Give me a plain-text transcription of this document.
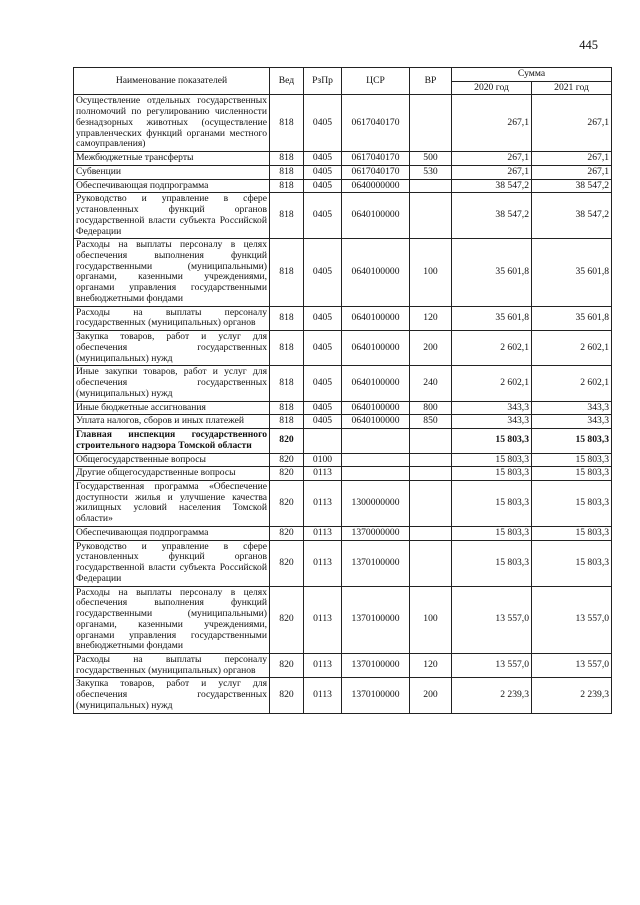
445
Наименование показателей	Вед	РзПр	ЦСР	ВР	Сумма	
					2020 год	2021 год
Осуществление отдельных государственных полномочий по регулированию численности безнадзорных животных (осуществление управленческих функций органами местного самоуправления)	818	0405	0617040170		267,1	267,1
Межбюджетные трансферты	818	0405	0617040170	500	267,1	267,1
Субвенции	818	0405	0617040170	530	267,1	267,1
Обеспечивающая подпрограмма	818	0405	0640000000		38 547,2	38 547,2
Руководство и управление в сфере установленных функций органов государственной власти субъекта Российской Федерации	818	0405	0640100000		38 547,2	38 547,2
Расходы на выплаты персоналу в целях обеспечения выполнения функций государственными (муниципальными) органами, казенными учреждениями, органами управления государственными внебюджетными фондами	818	0405	0640100000	100	35 601,8	35 601,8
Расходы на выплаты персоналу государственных (муниципальных) органов	818	0405	0640100000	120	35 601,8	35 601,8
Закупка товаров, работ и услуг для обеспечения государственных (муниципальных) нужд	818	0405	0640100000	200	2 602,1	2 602,1
Иные закупки товаров, работ и услуг для обеспечения государственных (муниципальных) нужд	818	0405	0640100000	240	2 602,1	2 602,1
Иные бюджетные ассигнования	818	0405	0640100000	800	343,3	343,3
Уплата налогов, сборов и иных платежей	818	0405	0640100000	850	343,3	343,3
Главная инспекция государственного строительного надзора Томской области	820				15 803,3	15 803,3
Общегосударственные вопросы	820	0100			15 803,3	15 803,3
Другие общегосударственные вопросы	820	0113			15 803,3	15 803,3
Государственная программа «Обеспечение доступности жилья и улучшение качества жилищных условий населения Томской области»	820	0113	1300000000		15 803,3	15 803,3
Обеспечивающая подпрограмма	820	0113	1370000000		15 803,3	15 803,3
Руководство и управление в сфере установленных функций органов государственной власти субъекта Российской Федерации	820	0113	1370100000		15 803,3	15 803,3
Расходы на выплаты персоналу в целях обеспечения выполнения функций государственными (муниципальными) органами, казенными учреждениями, органами управления государственными внебюджетными фондами	820	0113	1370100000	100	13 557,0	13 557,0
Расходы на выплаты персоналу государственных (муниципальных) органов	820	0113	1370100000	120	13 557,0	13 557,0
Закупка товаров, работ и услуг для обеспечения государственных (муниципальных) нужд	820	0113	1370100000	200	2 239,3	2 239,3
